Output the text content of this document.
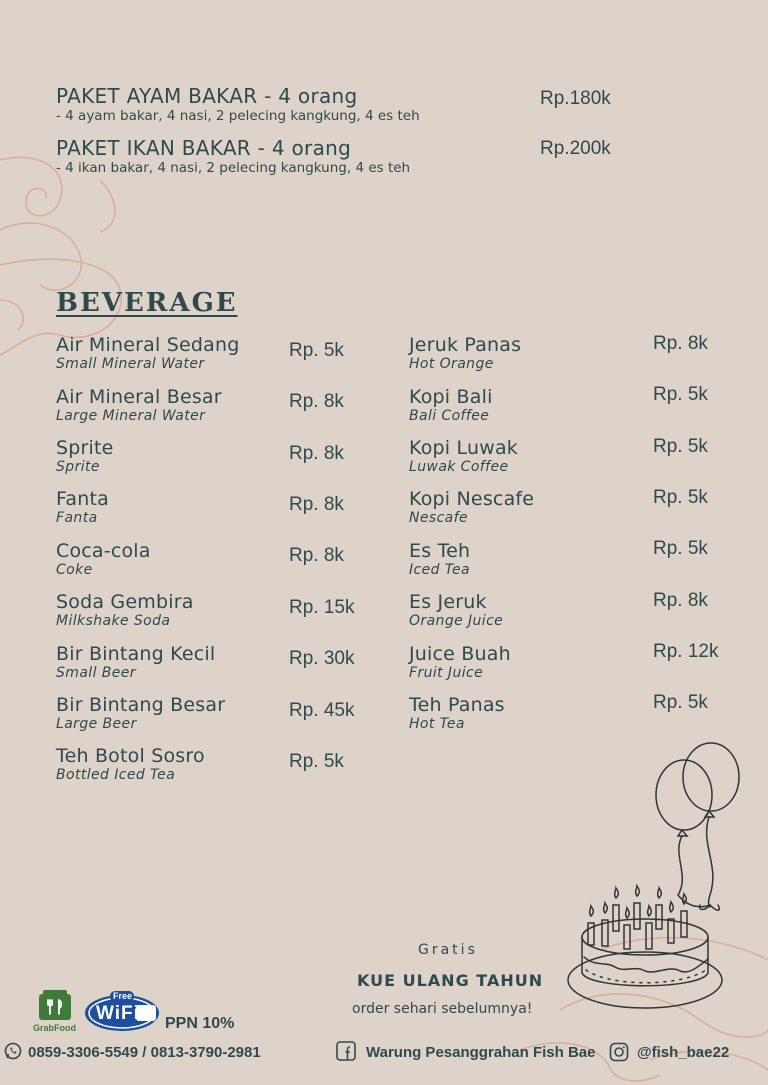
PAKET AYAM BAKAR - 4 orang
- 4 ayam bakar, 4 nasi, 2 pelecing kangkung, 4 es teh
Rp.180k
PAKET IKAN BAKAR - 4 orang
- 4 ikan bakar, 4 nasi, 2 pelecing kangkung, 4 es teh
Rp.200k
BEVERAGE
Air Mineral Sedang
Small Mineral Water
Rp. 5k
Air Mineral Besar
Large Mineral Water
Rp. 8k
Sprite
Sprite
Rp. 8k
Fanta
Fanta
Rp. 8k
Coca-cola
Coke
Rp. 8k
Soda Gembira
Milkshake Soda
Rp. 15k
Bir Bintang Kecil
Small Beer
Rp. 30k
Bir Bintang Besar
Large Beer
Rp. 45k
Teh Botol Sosro
Bottled Iced Tea
Rp. 5k
Jeruk Panas
Hot Orange
Rp. 8k
Kopi Bali
Bali Coffee
Rp. 5k
Kopi Luwak
Luwak Coffee
Rp. 5k
Kopi Nescafe
Nescafe
Rp. 5k
Es Teh
Iced Tea
Rp. 5k
Es Jeruk
Orange Juice
Rp. 8k
Juice Buah
Fruit Juice
Rp. 12k
Teh Panas
Hot Tea
Rp. 5k
Gratis
KUE ULANG TAHUN
order sehari sebelumnya!
GrabFood
Free
WiFi PPN 10%
0859-3306-5549 / 0813-3790-2981	Warung Pesanggrahan Fish Bae	@fish_bae22
